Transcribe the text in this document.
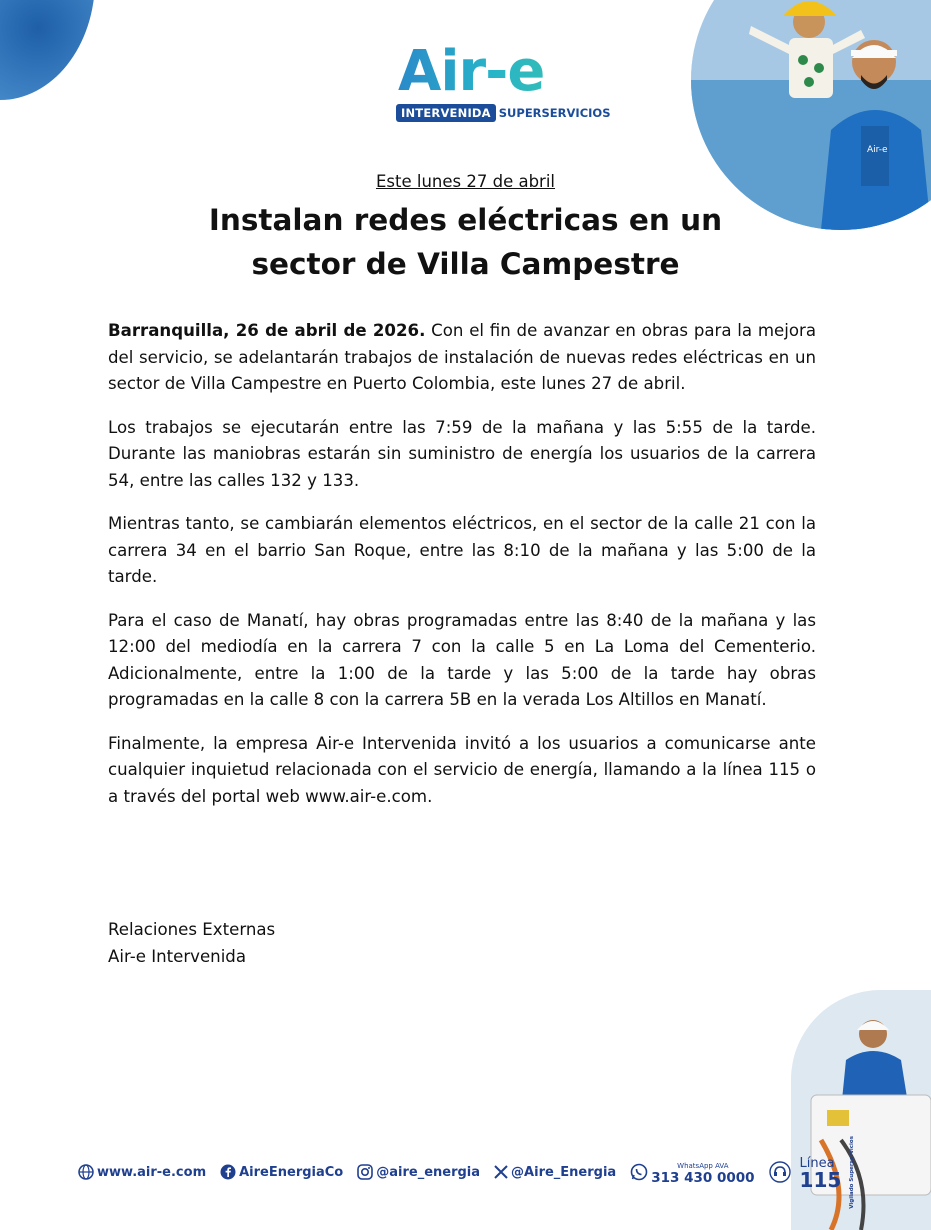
Air-e
Air-e
INTERVENIDA SUPERSERVICIOS
Este lunes 27 de abril
Instalan redes eléctricas en un
sector de Villa Campestre

Barranquilla, 26 de abril de 2026. Con el fin de avanzar en obras para la mejora del servicio, se adelantarán trabajos de instalación de nuevas redes eléctricas en un sector de Villa Campestre en Puerto Colombia, este lunes 27 de abril.

Los trabajos se ejecutarán entre las 7:59 de la mañana y las 5:55 de la tarde. Durante las maniobras estarán sin suministro de energía los usuarios de la carrera 54, entre las calles 132 y 133.

Mientras tanto, se cambiarán elementos eléctricos, en el sector de la calle 21 con la carrera 34 en el barrio San Roque, entre las 8:10 de la mañana y las 5:00 de la tarde.

Para el caso de Manatí, hay obras programadas entre las 8:40 de la mañana y las 12:00 del mediodía en la carrera 7 con la calle 5 en La Loma del Cementerio. Adicionalmente, entre la 1:00 de la tarde y las 5:00 de la tarde hay obras programadas en la calle 8 con la carrera 5B en la verada Los Altillos en Manatí.

Finalmente, la empresa Air-e Intervenida invitó a los usuarios a comunicarse ante cualquier inquietud relacionada con el servicio de energía, llamando a la línea 115 o a través del portal web www.air-e.com.

Relaciones Externas
Air-e Intervenida
www.air-e.com	AireEnergiaCo	@aire_energia @Aire_Energia	WhatsApp AVA
313 430 0000
Línea
115 Vigilado Superservicios
